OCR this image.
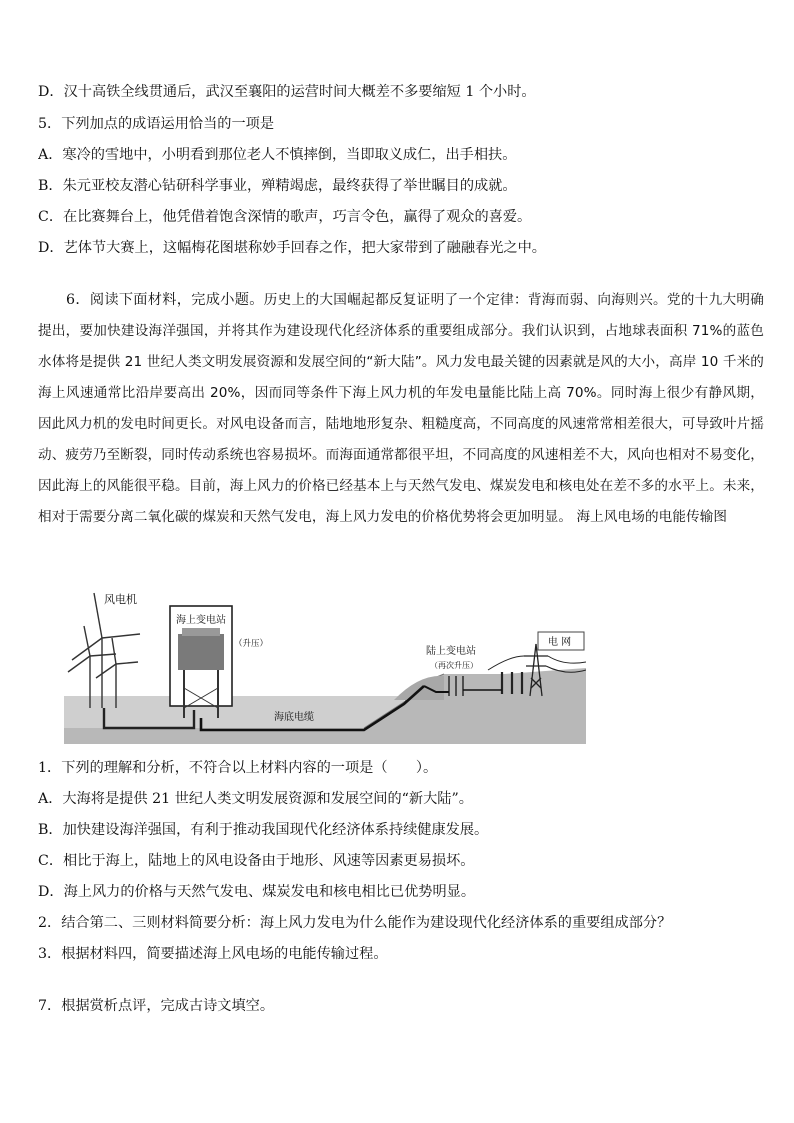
D．汉十高铁全线贯通后，武汉至襄阳的运营时间大概差不多要缩短 1 个小时。
5．下列加点的成语运用恰当的一项是
A．寒冷的雪地中，小明看到那位老人不慎摔倒，当即取义成仁，出手相扶。
B．朱元亚校友潜心钻研科学事业，殚精竭虑，最终获得了举世瞩目的成就。
C．在比赛舞台上，他凭借着饱含深情的歌声，巧言令色，赢得了观众的喜爱。
D．艺体节大赛上，这幅梅花图堪称妙手回春之作，把大家带到了融融春光之中。
6．阅读下面材料，完成小题。历史上的大国崛起都反复证明了一个定律：背海而弱、向海则兴。党的十九大明确提出，要加快建设海洋强国，并将其作为建设现代化经济体系的重要组成部分。我们认识到，占地球表面积 71%的蓝色水体将是提供 21 世纪人类文明发展资源和发展空间的“新大陆”。风力发电最关键的因素就是风的大小，高岸 10 千米的海上风速通常比沿岸要高出 20%，因而同等条件下海上风力机的年发电量能比陆上高 70%。同时海上很少有静风期，因此风力机的发电时间更长。对风电设备而言，陆地地形复杂、粗糙度高，不同高度的风速常常相差很大，可导致叶片摇动、疲劳乃至断裂，同时传动系统也容易损坏。而海面通常都很平坦，不同高度的风速相差不大，风向也相对不易变化，因此海上的风能很平稳。目前，海上风力的价格已经基本上与天然气发电、煤炭发电和核电处在差不多的水平上。未来，相对于需要分离二氧化碳的煤炭和天然气发电，海上风力发电的价格优势将会更加明显。 海上风电场的电能传输图
风电机
海上变电站
（升压）
陆上变电站
（再次升压）
电 网
海底电缆
1．下列的理解和分析，不符合以上材料内容的一项是（　　）。
A．大海将是提供 21 世纪人类文明发展资源和发展空间的“新大陆”。
B．加快建设海洋强国，有利于推动我国现代化经济体系持续健康发展。
C．相比于海上，陆地上的风电设备由于地形、风速等因素更易损坏。
D．海上风力的价格与天然气发电、煤炭发电和核电相比已优势明显。
2．结合第二、三则材料简要分析：海上风力发电为什么能作为建设现代化经济体系的重要组成部分？
3．根据材料四，简要描述海上风电场的电能传输过程。
7．根据赏析点评，完成古诗文填空。
